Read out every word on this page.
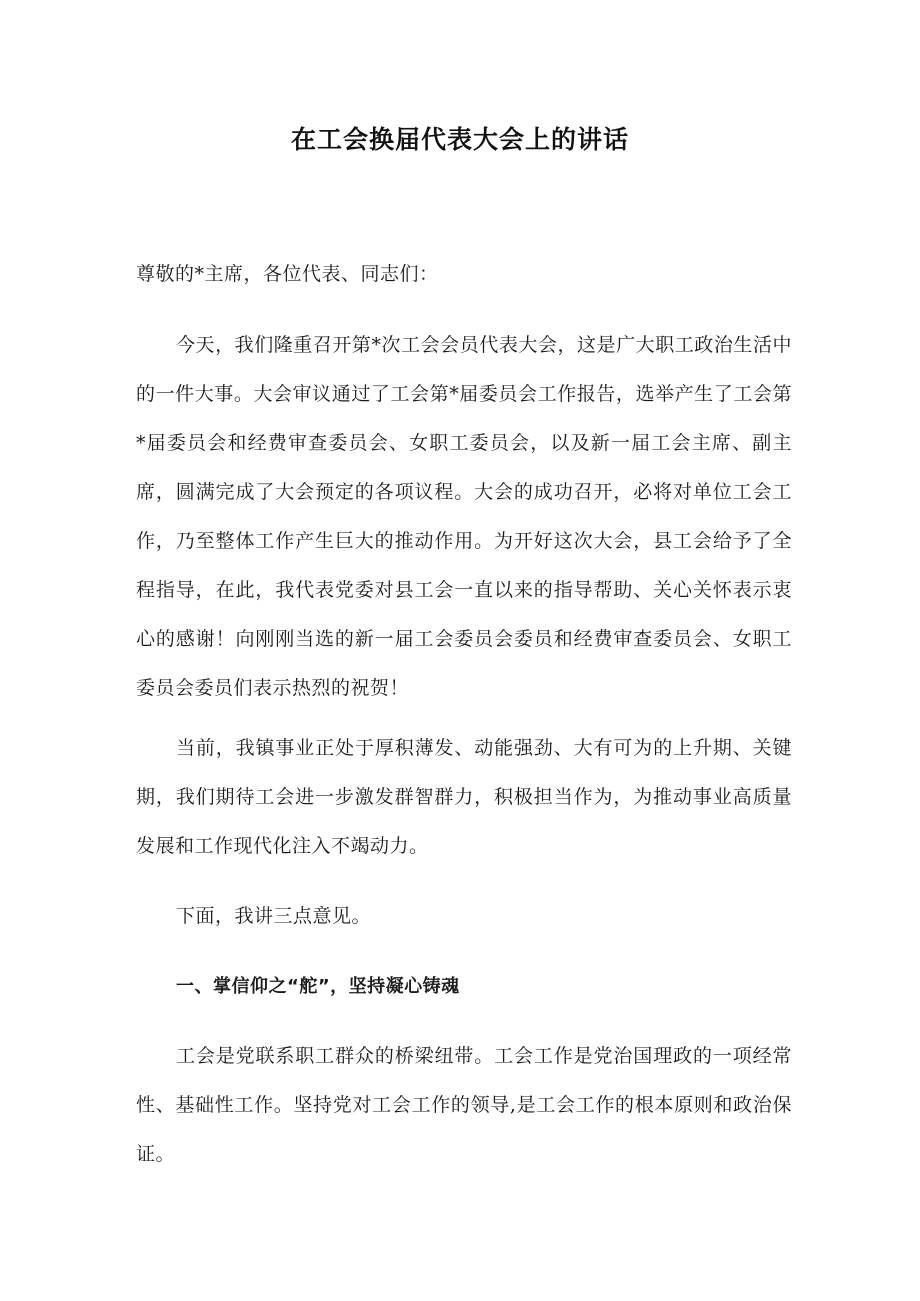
在工会换届代表大会上的讲话

尊敬的*主席，各位代表、同志们：

今天，我们隆重召开第*次工会会员代表大会，这是广大职工政治生活中的一件大事。大会审议通过了工会第*届委员会工作报告，选举产生了工会第*届委员会和经费审查委员会、女职工委员会，以及新一届工会主席、副主席，圆满完成了大会预定的各项议程。大会的成功召开，必将对单位工会工作，乃至整体工作产生巨大的推动作用。为开好这次大会，县工会给予了全程指导，在此，我代表党委对县工会一直以来的指导帮助、关心关怀表示衷心的感谢！向刚刚当选的新一届工会委员会委员和经费审查委员会、女职工委员会委员们表示热烈的祝贺！

当前，我镇事业正处于厚积薄发、动能强劲、大有可为的上升期、关键期，我们期待工会进一步激发群智群力，积极担当作为，为推动事业高质量发展和工作现代化注入不竭动力。

下面，我讲三点意见。

一、掌信仰之“舵”，坚持凝心铸魂

工会是党联系职工群众的桥梁纽带。工会工作是党治国理政的一项经常性、基础性工作。坚持党对工会工作的领导,是工会工作的根本原则和政治保证。
